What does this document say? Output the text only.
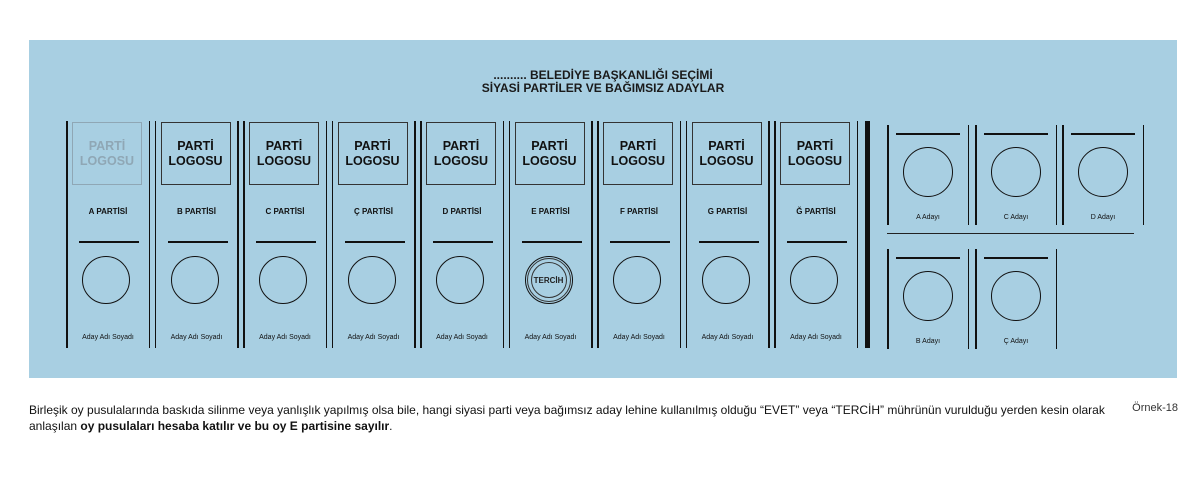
.......... BELEDİYE BAŞKANLIĞI SEÇİMİ
SİYASİ PARTİLER VE BAĞIMSIZ ADAYLAR
PARTİ
LOGOSU
A PARTİSİ
Aday Adı Soyadı
PARTİ
LOGOSU
B PARTİSİ
Aday Adı Soyadı
PARTİ
LOGOSU
C PARTİSİ
Aday Adı Soyadı
PARTİ
LOGOSU
Ç PARTİSİ
Aday Adı Soyadı
PARTİ
LOGOSU
D PARTİSİ
Aday Adı Soyadı
PARTİ
LOGOSU
E PARTİSİ
TERCİH
Aday Adı Soyadı
PARTİ
LOGOSU
F PARTİSİ
Aday Adı Soyadı
PARTİ
LOGOSU
G PARTİSİ
Aday Adı Soyadı
PARTİ
LOGOSU
Ğ PARTİSİ
Aday Adı Soyadı
A Adayı	C Adayı	D Adayı
B Adayı	Ç Adayı
Birleşik oy pusulalarında baskıda silinme veya yanlışlık yapılmış olsa bile, hangi siyasi parti veya bağımsız aday lehine kullanılmış olduğu “EVET” veya “TERCİH” mührünün vurulduğu yerden kesin olarak anlaşılan oy pusulaları hesaba katılır ve bu oy E partisine sayılır.
Örnek-18
